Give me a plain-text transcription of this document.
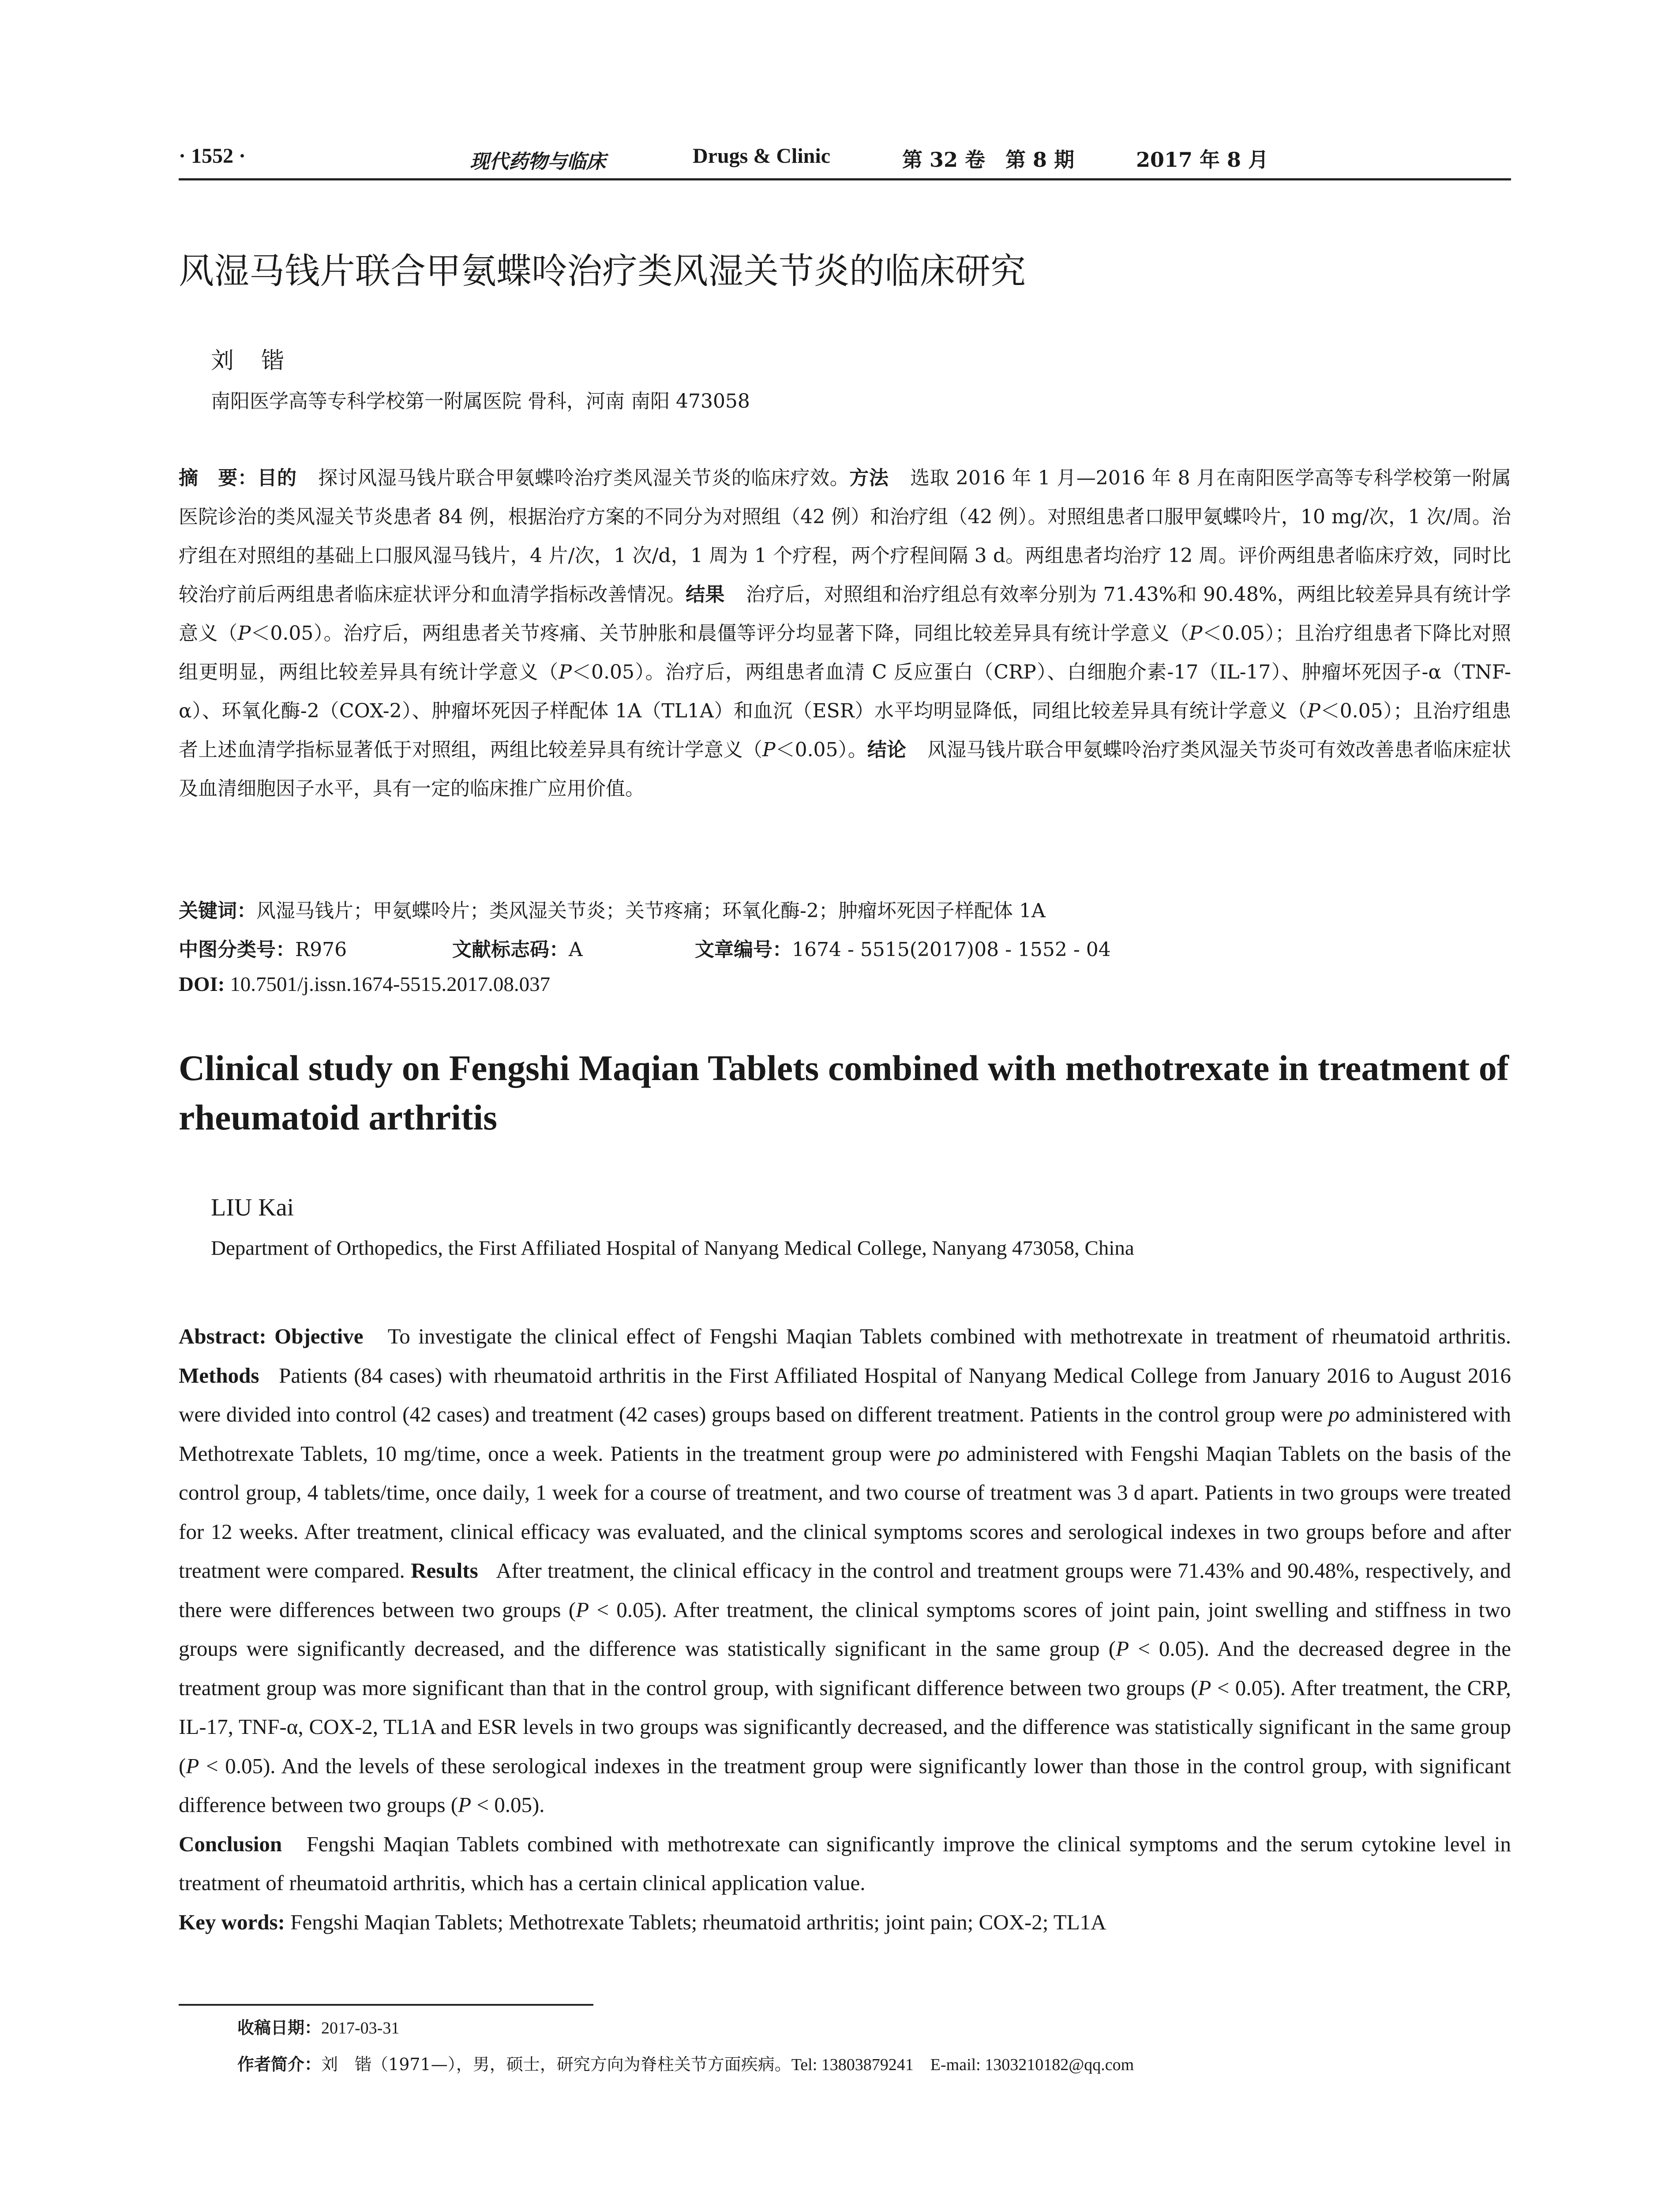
· 1552 ·	现代药物与临床	Drugs & Clinic	第 32 卷　第 8 期	2017 年 8 月
风湿马钱片联合甲氨蝶呤治疗类风湿关节炎的临床研究
刘锴
南阳医学高等专科学校第一附属医院 骨科，河南 南阳 473058

摘　要：目的 探讨风湿马钱片联合甲氨蝶呤治疗类风湿关节炎的临床疗效。方法 选取 2016 年 1 月—2016 年 8 月在南阳医学高等专科学校第一附属医院诊治的类风湿关节炎患者 84 例，根据治疗方案的不同分为对照组（42 例）和治疗组（42 例）。对照组患者口服甲氨蝶呤片，10 mg/次，1 次/周。治疗组在对照组的基础上口服风湿马钱片，4 片/次，1 次/d，1 周为 1 个疗程，两个疗程间隔 3 d。两组患者均治疗 12 周。评价两组患者临床疗效，同时比较治疗前后两组患者临床症状评分和血清学指标改善情况。结果 治疗后，对照组和治疗组总有效率分别为 71.43%和 90.48%，两组比较差异具有统计学意义（P＜0.05）。治疗后，两组患者关节疼痛、关节肿胀和晨僵等评分均显著下降，同组比较差异具有统计学意义（P＜0.05）；且治疗组患者下降比对照组更明显，两组比较差异具有统计学意义（P＜0.05）。治疗后，两组患者血清 C 反应蛋白（CRP）、白细胞介素-17（IL-17）、肿瘤坏死因子-α（TNF-α）、环氧化酶-2（COX-2）、肿瘤坏死因子样配体 1A（TL1A）和血沉（ESR）水平均明显降低，同组比较差异具有统计学意义（P＜0.05）；且治疗组患者上述血清学指标显著低于对照组，两组比较差异具有统计学意义（P＜0.05）。结论 风湿马钱片联合甲氨蝶呤治疗类风湿关节炎可有效改善患者临床症状及血清细胞因子水平，具有一定的临床推广应用价值。

关键词：风湿马钱片；甲氨蝶呤片；类风湿关节炎；关节疼痛；环氧化酶-2；肿瘤坏死因子样配体 1A
中图分类号：R976	文献标志码：A	文章编号：1674 - 5515(2017)08 - 1552 - 04
DOI: 10.7501/j.issn.1674-5515.2017.08.037
Clinical study on Fengshi Maqian Tablets combined with methotrexate in treatment of rheumatoid arthritis
LIU Kai
Department of Orthopedics, the First Affiliated Hospital of Nanyang Medical College, Nanyang 473058, China

Abstract: Objective To investigate the clinical effect of Fengshi Maqian Tablets combined with methotrexate in treatment of rheumatoid arthritis. Methods Patients (84 cases) with rheumatoid arthritis in the First Affiliated Hospital of Nanyang Medical College from January 2016 to August 2016 were divided into control (42 cases) and treatment (42 cases) groups based on different treatment. Patients in the control group were po administered with Methotrexate Tablets, 10 mg/time, once a week. Patients in the treatment group were po administered with Fengshi Maqian Tablets on the basis of the control group, 4 tablets/time, once daily, 1 week for a course of treatment, and two course of treatment was 3 d apart. Patients in two groups were treated for 12 weeks. After treatment, clinical efficacy was evaluated, and the clinical symptoms scores and serological indexes in two groups before and after treatment were compared. Results After treatment, the clinical efficacy in the control and treatment groups were 71.43% and 90.48%, respectively, and there were differences between two groups (P < 0.05). After treatment, the clinical symptoms scores of joint pain, joint swelling and stiffness in two groups were significantly decreased, and the difference was statistically significant in the same group (P < 0.05). And the decreased degree in the treatment group was more significant than that in the control group, with significant difference between two groups (P < 0.05). After treatment, the CRP, IL-17, TNF-α, COX-2, TL1A and ESR levels in two groups was significantly decreased, and the difference was statistically significant in the same group (P < 0.05). And the levels of these serological indexes in the treatment group were significantly lower than those in the control group, with significant difference between two groups (P < 0.05).

Conclusion Fengshi Maqian Tablets combined with methotrexate can significantly improve the clinical symptoms and the serum cytokine level in treatment of rheumatoid arthritis, which has a certain clinical application value.

Key words: Fengshi Maqian Tablets; Methotrexate Tablets; rheumatoid arthritis; joint pain; COX-2; TL1A

收稿日期：2017-03-31
作者简介：刘　锴（1971—），男，硕士，研究方向为脊柱关节方面疾病。Tel: 13803879241　E-mail: 1303210182@qq.com
